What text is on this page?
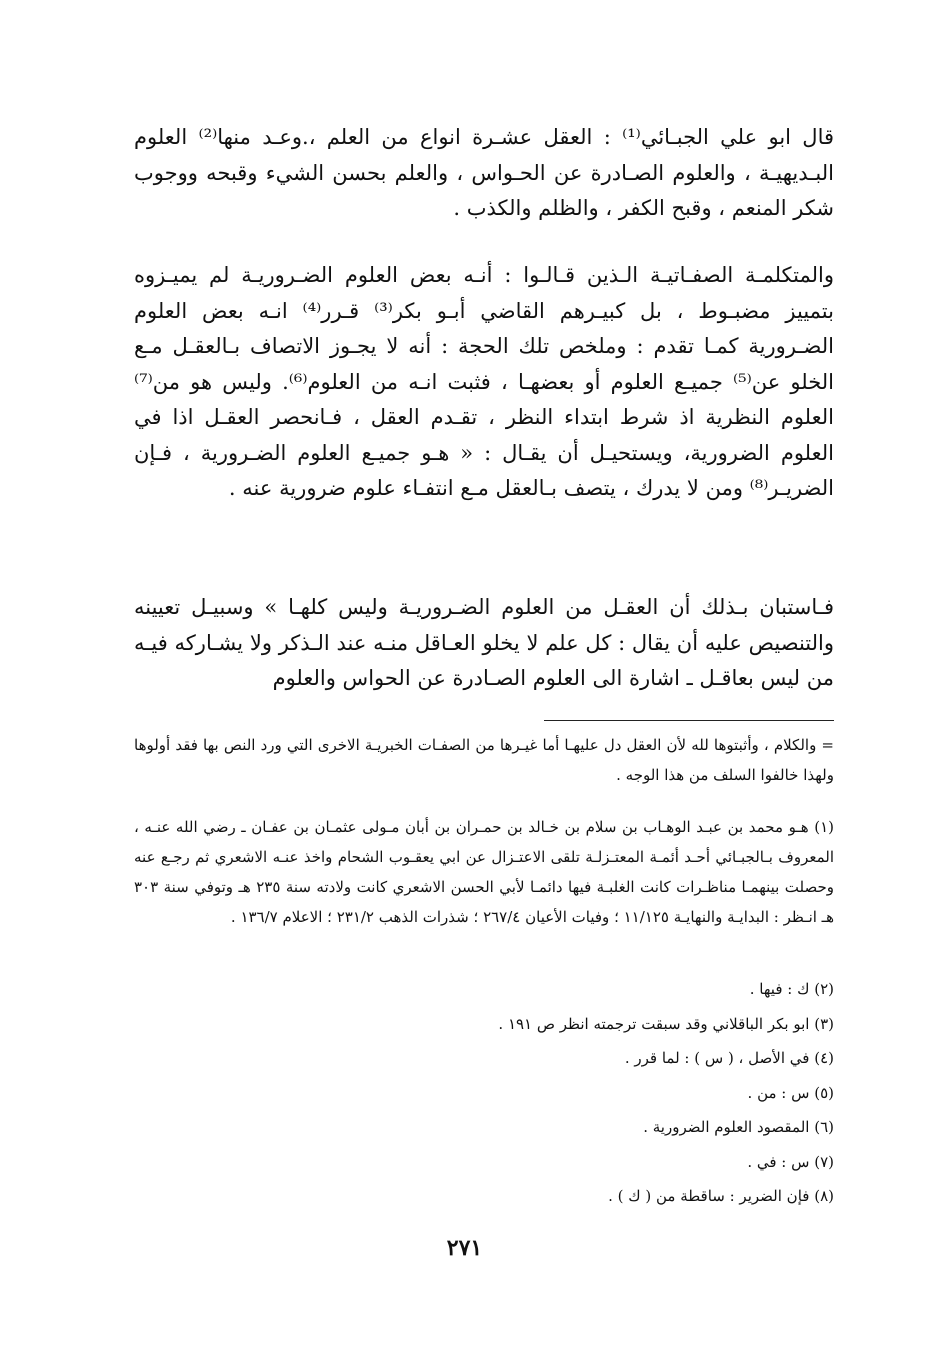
قال ابو علي الجبـائي⁽¹⁾ : العقل عشـرة انواع من العلم ،.وعـد منها⁽²⁾ العلوم البـديهيـة ، والعلوم الصـادرة عن الحـواس ، والعلم بحسن الشيء وقبحه ووجوب شكر المنعم ، وقبح الكفر ، والظلم والكذب .
والمتكلمـة الصفـاتيـة الـذين قـالـوا : أنـه بعض العلوم الضـروريـة لم يميـزوه بتمييز مضبـوط ، بل كبيـرهم القاضي أبـو بكر⁽³⁾ قـرر⁽⁴⁾ انـه بعض العلوم الضـرورية كمـا تقدم : وملخص تلك الحجة : أنه لا يجـوز الاتصاف بـالعقـل مـع الخلو عن⁽⁵⁾ جميـع العلوم أو بعضهـا ، فثبت انـه من العلوم⁽⁶⁾. وليس هو من⁽⁷⁾ العلوم النظرية اذ شرط ابتداء النظر ، تقـدم العقل ، فـانحصر العقـل اذا في العلوم الضرورية، ويستحيـل أن يقـال : « هـو جميـع العلوم الضـرورية ، فـإن الضريـر⁽⁸⁾ ومن لا يدرك ، يتصف بـالعقل مـع انتفـاء علوم ضرورية عنه .
فـاستبان بـذلك أن العقـل من العلوم الضـروريـة وليس كلهـا » وسبيـل تعيينه والتنصيص عليه أن يقال : كل علم لا يخلو العـاقل منـه عند الـذكر ولا يشـاركه فيـه من ليس بعاقـل ـ اشارة الى العلوم الصـادرة عن الحواس والعلوم
= والكلام ، وأثبتوها لله لأن العقل دل عليهـا أما غيـرها من الصفـات الخبريـة الاخرى التي ورد النص بها فقد أولوها ولهذا خالفوا السلف من هذا الوجه .
(١) هـو محمد بن عبـد الوهـاب بن سلام بن خـالد بن حمـران بن أبان مـولى عثمـان بن عفـان ـ رضي الله عنـه ، المعروف بـالجبـائي أحـد أئمـة المعتـزلـة تلقى الاعتـزال عن ابي يعقـوب الشحام واخذ عنـه الاشعري ثم رجـع عنه وحصلت بينهمـا مناظـرات كانت الغلبـة فيها دائمـا لأبي الحسن الاشعري كانت ولادته سنة ٢٣٥ هـ وتوفي سنة ٣٠٣ هـ انـظر : البدايـة والنهايـة ١١/١٢٥ ؛ وفيات الأعيان ٢٦٧/٤ ؛ شذرات الذهب ٢٣١/٢ ؛ الاعلام ١٣٦/٧ .
(٢) ك : فيها .
(٣) ابو بكر الباقلاني وقد سبقت ترجمته انظر ص ١٩١ .
(٤) في الأصل ، ( س ) : لما قرر .
(٥) س : من .
(٦) المقصود العلوم الضرورية .
(٧) س : في .
(٨) فإن الضرير : ساقطة من ( ك ) .
٢٧١
